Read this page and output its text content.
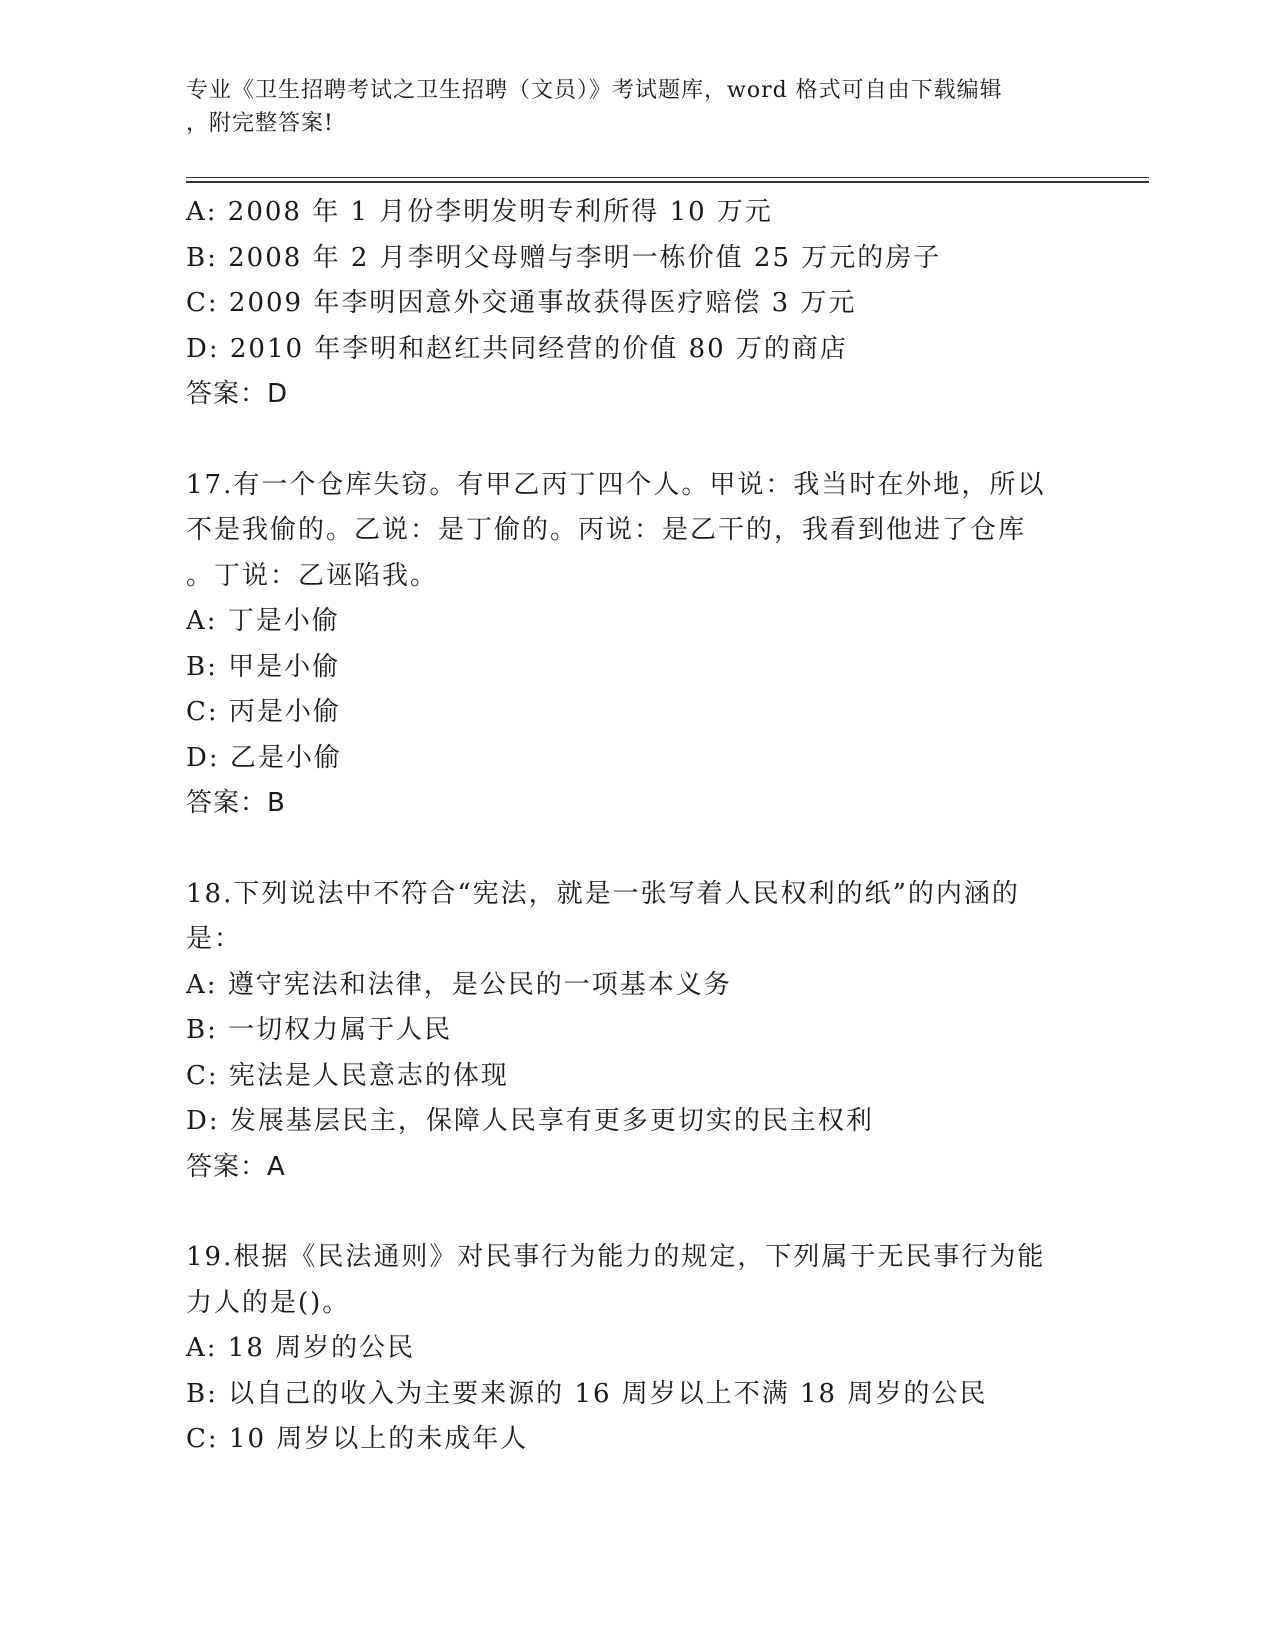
专业《卫生招聘考试之卫生招聘（文员）》考试题库，word 格式可自由下载编辑
，附完整答案!
A: 2008 年 1 月份李明发明专利所得 10 万元
B: 2008 年 2 月李明父母赠与李明一栋价值 25 万元的房子
C: 2009 年李明因意外交通事故获得医疗赔偿 3 万元
D: 2010 年李明和赵红共同经营的价值 80 万的商店
答案：D
17.有一个仓库失窃。有甲乙丙丁四个人。甲说：我当时在外地，所以
不是我偷的。乙说：是丁偷的。丙说：是乙干的，我看到他进了仓库
。丁说：乙诬陷我。
A: 丁是小偷
B: 甲是小偷
C: 丙是小偷
D: 乙是小偷
答案：B
18.下列说法中不符合“宪法，就是一张写着人民权利的纸”的内涵的
是：
A: 遵守宪法和法律，是公民的一项基本义务
B: 一切权力属于人民
C: 宪法是人民意志的体现
D: 发展基层民主，保障人民享有更多更切实的民主权利
答案：A
19.根据《民法通则》对民事行为能力的规定，下列属于无民事行为能
力人的是()。
A: 18 周岁的公民
B: 以自己的收入为主要来源的 16 周岁以上不满 18 周岁的公民
C: 10 周岁以上的未成年人
